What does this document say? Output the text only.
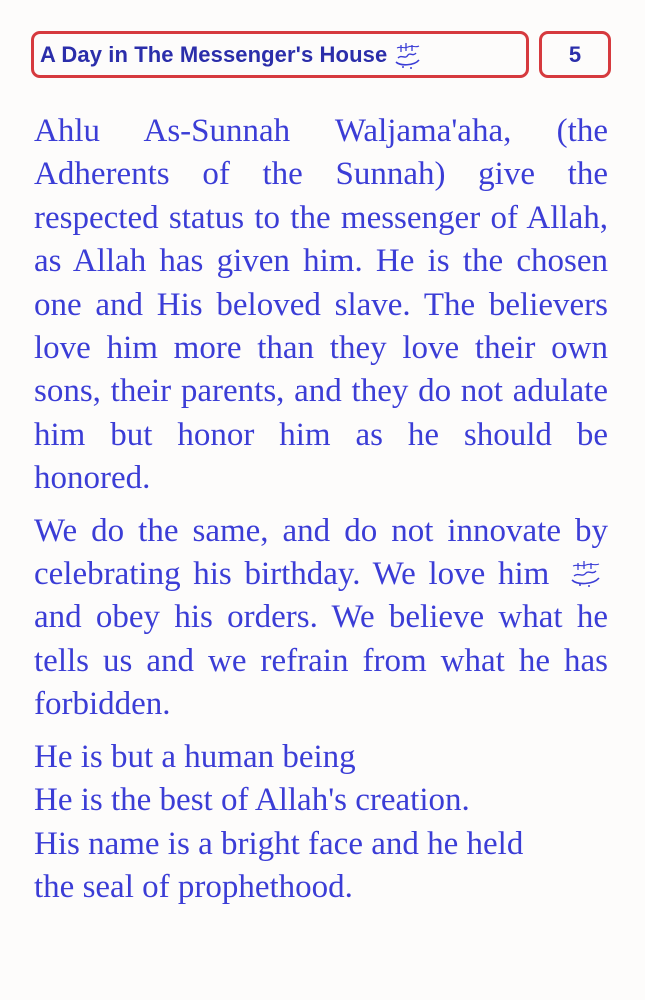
A Day in The Messenger's House	5

Ahlu As-Sunnah Waljama'aha, (the Adherents of the Sunnah) give the respected status to the messenger of Allah, as Allah has given him. He is the chosen one and His beloved slave. The believers love him more than they love their own sons, their parents, and they do not adulate him but honor him as he should be honored.

We do the same, and do not innovate by celebrating his birthday. We love him  and obey his orders. We believe what he tells us and we refrain from what he has forbidden.

He is but a human being
He is the best of Allah's creation.
His name is a bright face and he held
the seal of prophethood.
